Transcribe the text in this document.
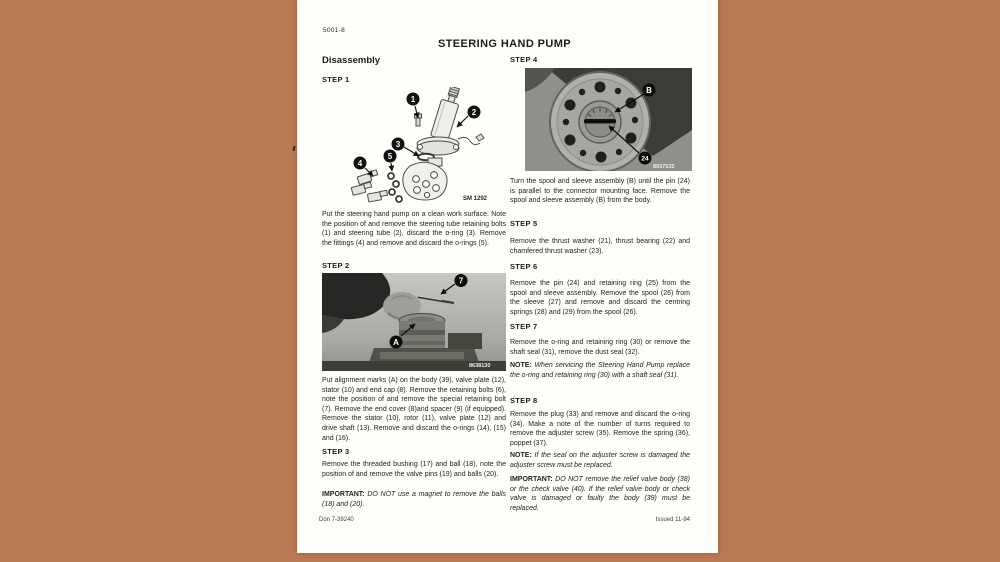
5001-8
STEERING HAND PUMP
Disassembly
STEP 1
1
2
3
5
4
SM 1292
Put the steering hand pump on a clean work surface. Note the position of and remove the steering tube retaining bolts (1) and steering tube (2), discard the o-ring (3). Remove the fittings (4) and remove and discard the o-rings (5).
STEP 2
7
A
8638130
Put alignment marks (A) on the body (39), valve plate (12), stator (10) and end cap (8). Remove the retaining bolts (6), note the position of and remove the special retaining bolt (7). Remove the end cover (8)and spacer (9) (if equipped). Remove the stator (10), rotor (11), valve plate (12) and drive shaft (13). Remove and discard the o-rings (14), (15) and (16).
STEP 3
Remove the threaded bushing (17) and ball (18), note the position of and remove the valve pins (19) and balls (20).
IMPORTANT: DO NOT use a magnet to remove the balls (18) and (20).
Don 7-39240
STEP 4
B
24
8937535
Turn the spool and sleeve assembly (B) until the pin (24) is parallel to the connector mounting face. Remove the spool and sleeve assembly (B) from the body.
STEP 5
Remove the thrust washer (21), thrust bearing (22) and chamfered thrust washer (23).
STEP 6
Remove the pin (24) and retaining ring (25) from the spool and sleeve assembly. Remove the spool (26) from the sleeve (27) and remove and discard the centring springs (28) and (29) from the spool (26).
STEP 7
Remove the o-ring and retaining ring (30) or remove the shaft seal (31), remove the dust seal (32).
NOTE: When servicing the Steering Hand Pump replace the o-ring and retaining ring (30) with a shaft seal (31).
STEP 8
Remove the plug (33) and remove and discard the o-ring (34). Make a note of the number of turns required to remove the adjuster screw (35). Remove the spring (36), poppet (37).
NOTE: If the seal on the adjuster screw is damaged the adjuster screw must be replaced.
IMPORTANT: DO NOT remove the relief valve body (38) or the check valve (40). If the relief valve body or check valve is damaged or faulty the body (39) must be replaced.
Issued 11-94
